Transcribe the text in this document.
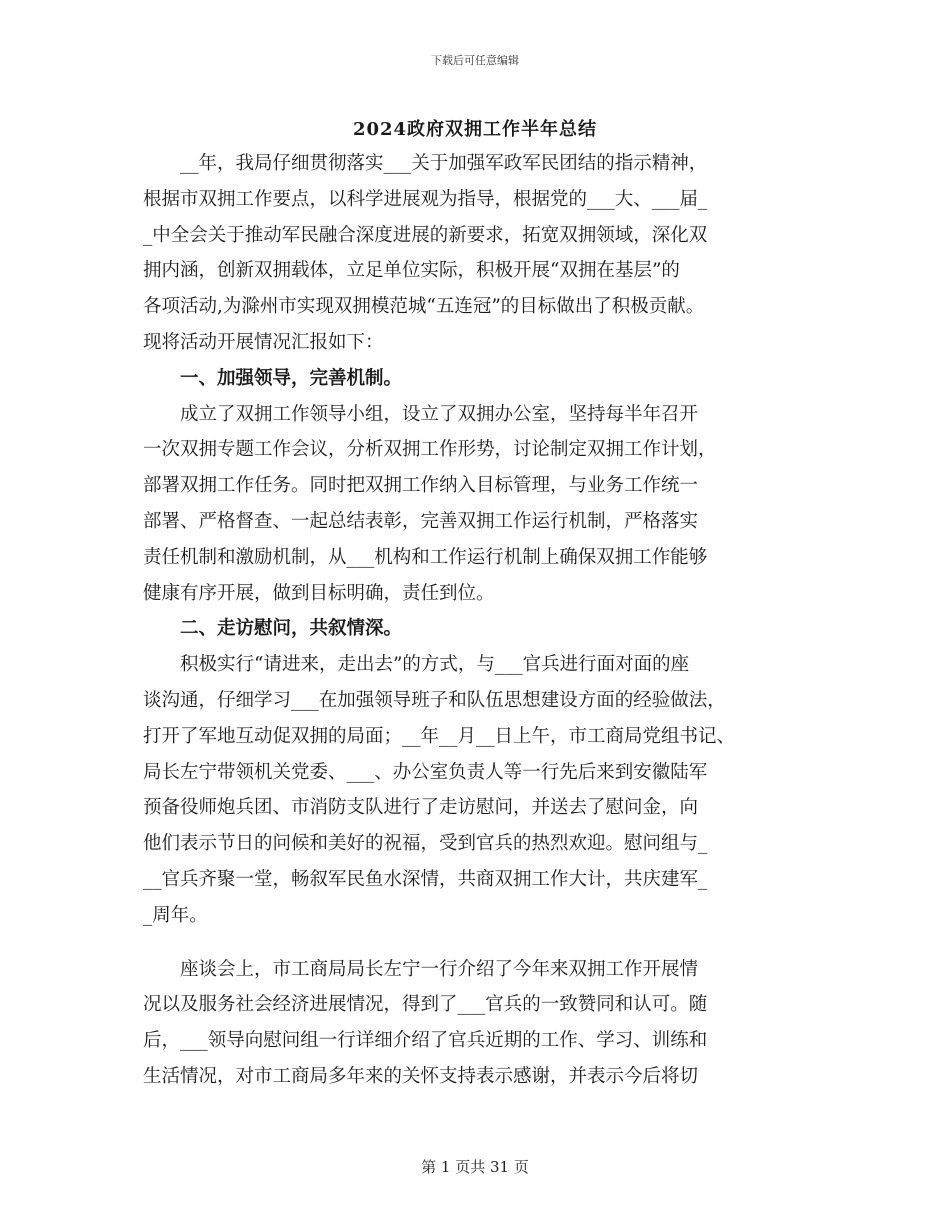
下载后可任意编辑
2024政府双拥工作半年总结
　　__年，我局仔细贯彻落实___关于加强军政军民团结的指示精神，
根据市双拥工作要点，以科学进展观为指导，根据党的___大、___届_
_中全会关于推动军民融合深度进展的新要求，拓宽双拥领域，深化双
拥内涵，创新双拥载体，立足单位实际，积极开展“双拥在基层”的
各项活动,为滁州市实现双拥模范城“五连冠”的目标做出了积极贡献。
现将活动开展情况汇报如下：
　　一、加强领导，完善机制。
　　成立了双拥工作领导小组，设立了双拥办公室，坚持每半年召开
一次双拥专题工作会议，分析双拥工作形势，讨论制定双拥工作计划，
部署双拥工作任务。同时把双拥工作纳入目标管理，与业务工作统一
部署、严格督查、一起总结表彰，完善双拥工作运行机制，严格落实
责任机制和激励机制，从___机构和工作运行机制上确保双拥工作能够
健康有序开展，做到目标明确，责任到位。
　　二、走访慰问，共叙情深。
　　积极实行“请进来，走出去”的方式，与___官兵进行面对面的座
谈沟通，仔细学习___在加强领导班子和队伍思想建设方面的经验做法，
打开了军地互动促双拥的局面；__年__月__日上午，市工商局党组书记、
局长左宁带领机关党委、___、办公室负责人等一行先后来到安徽陆军
预备役师炮兵团、市消防支队进行了走访慰问，并送去了慰问金，向
他们表示节日的问候和美好的祝福，受到官兵的热烈欢迎。慰问组与_
__官兵齐聚一堂，畅叙军民鱼水深情，共商双拥工作大计，共庆建军_
_周年。
　　座谈会上，市工商局局长左宁一行介绍了今年来双拥工作开展情
况以及服务社会经济进展情况，得到了___官兵的一致赞同和认可。随
后，___领导向慰问组一行详细介绍了官兵近期的工作、学习、训练和
生活情况，对市工商局多年来的关怀支持表示感谢，并表示今后将切
第 1 页共 31 页
